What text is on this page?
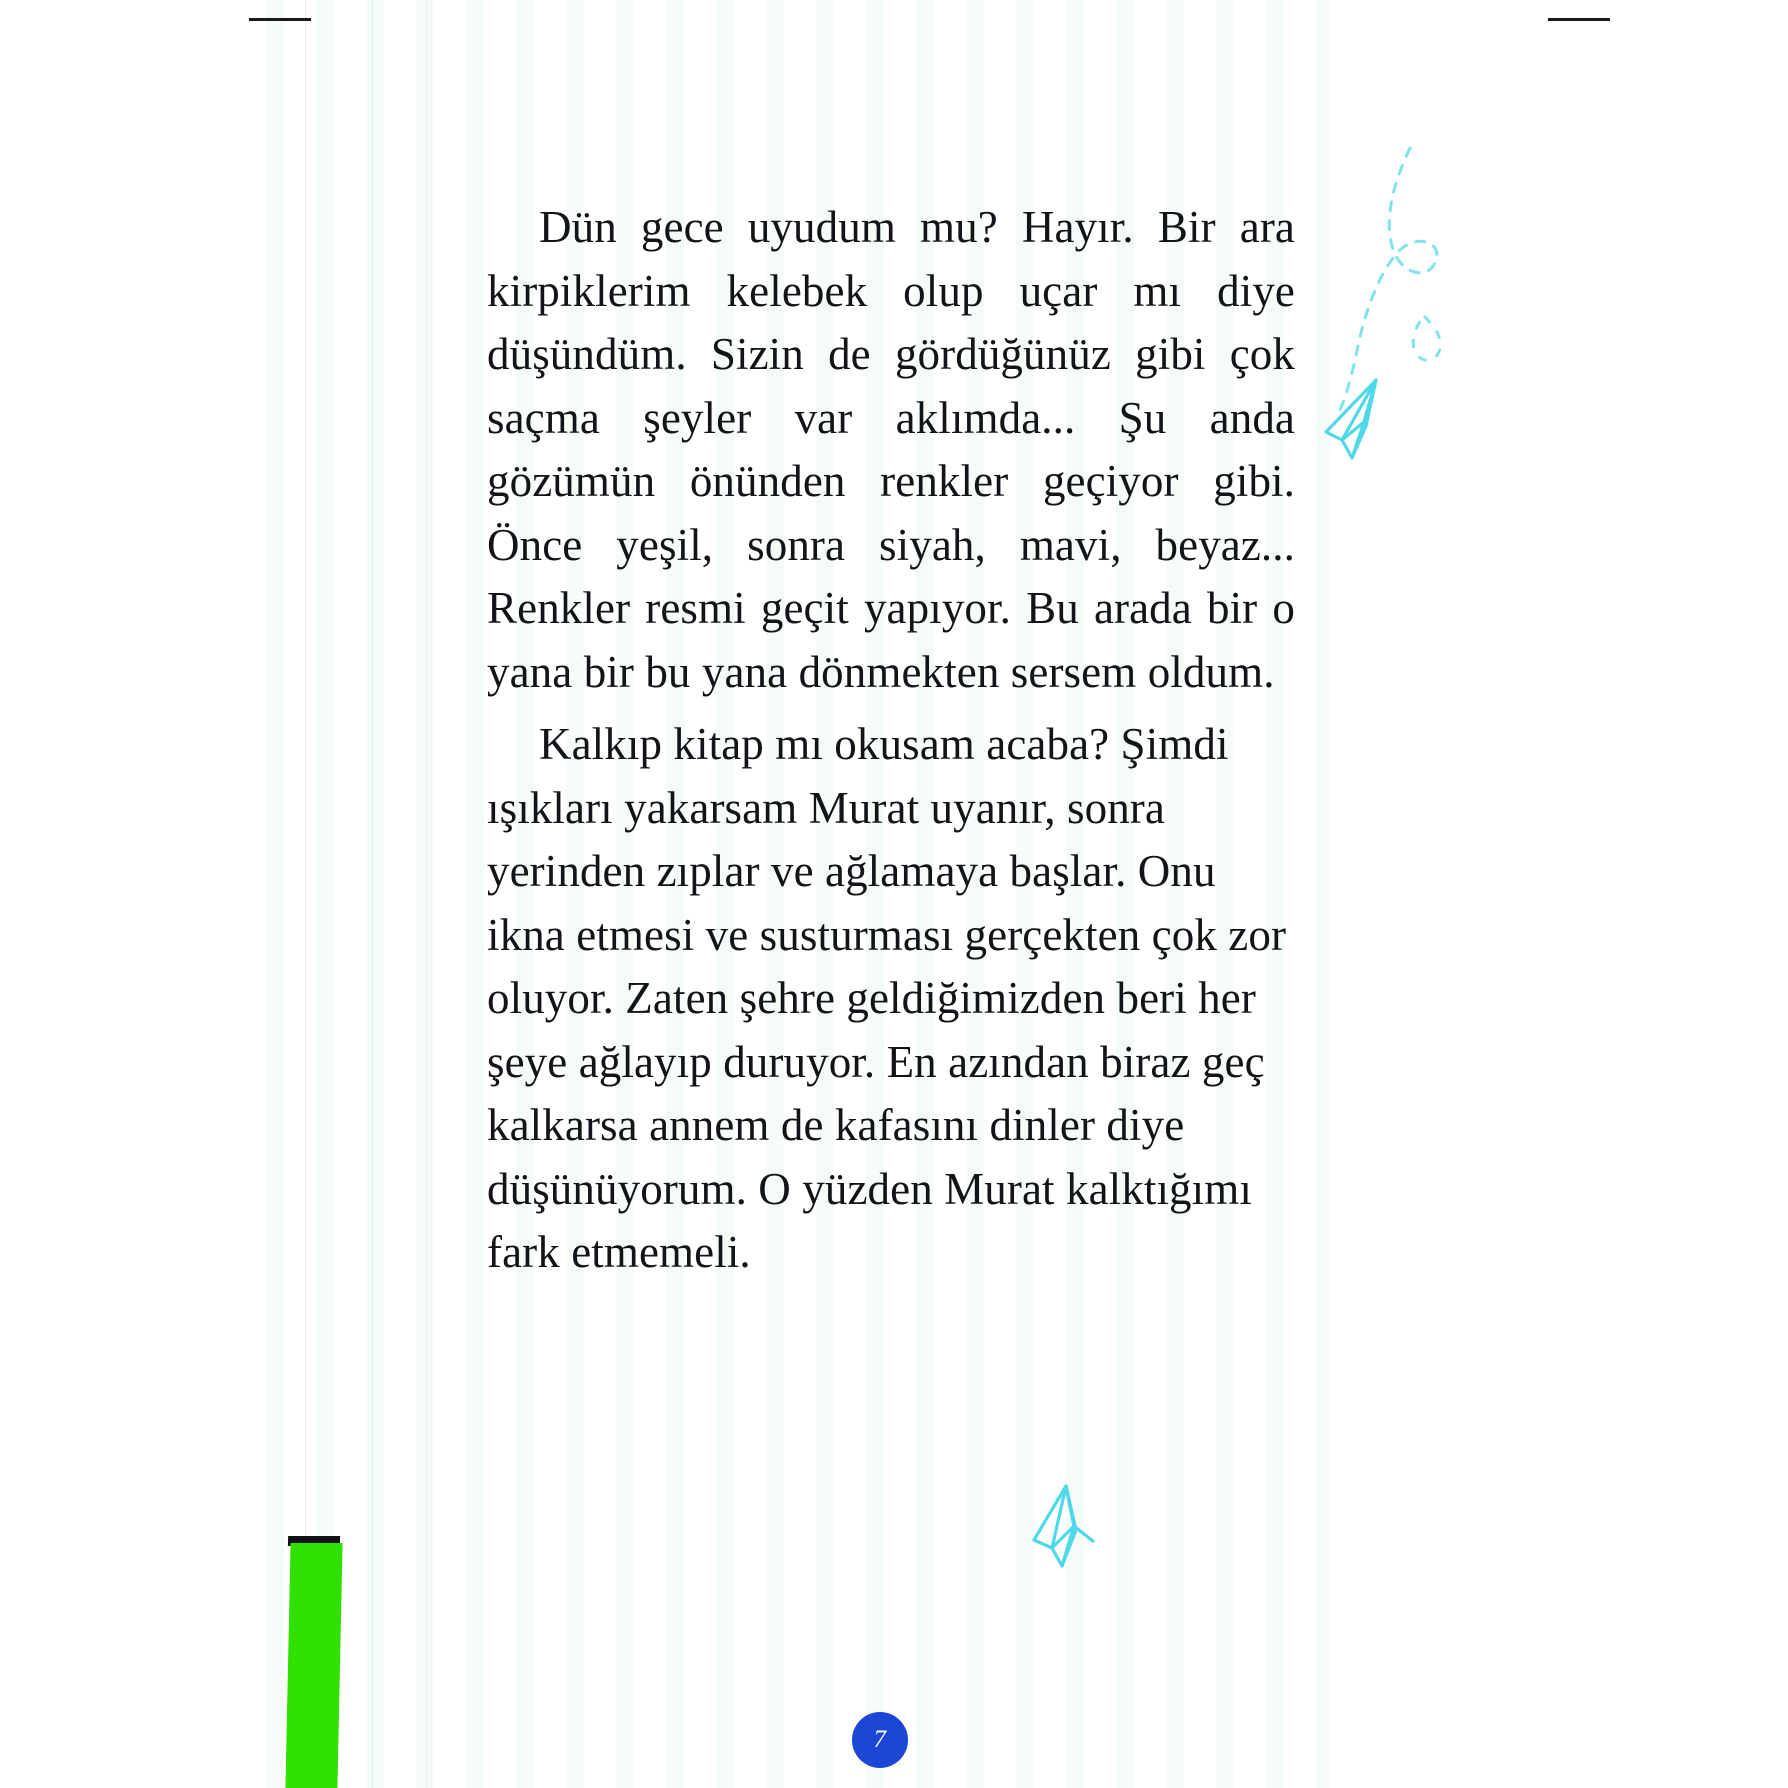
Dün gece uyudum mu? Hayır. Bir ara kirpiklerim kelebek olup uçar mı diye düşündüm. Sizin de gördüğünüz gibi çok saçma şeyler var aklımda... Şu anda gözümün önünden renkler geçiyor gibi. Önce yeşil, sonra siyah, mavi, beyaz... Renkler resmi geçit yapıyor. Bu arada bir o yana bir bu yana dönmekten sersem oldum.

Kalkıp kitap mı okusam acaba? Şimdi ışıkları yakarsam Murat uyanır, sonra yerinden zıplar ve ağlamaya başlar. Onu ikna etmesi ve susturması gerçekten çok zor oluyor. Zaten şehre geldiğimizden beri her şeye ağlayıp duruyor. En azından biraz geç kalkarsa annem de kafasını dinler diye düşünüyorum. O yüzden Murat kalktığımı fark etmemeli.

7
